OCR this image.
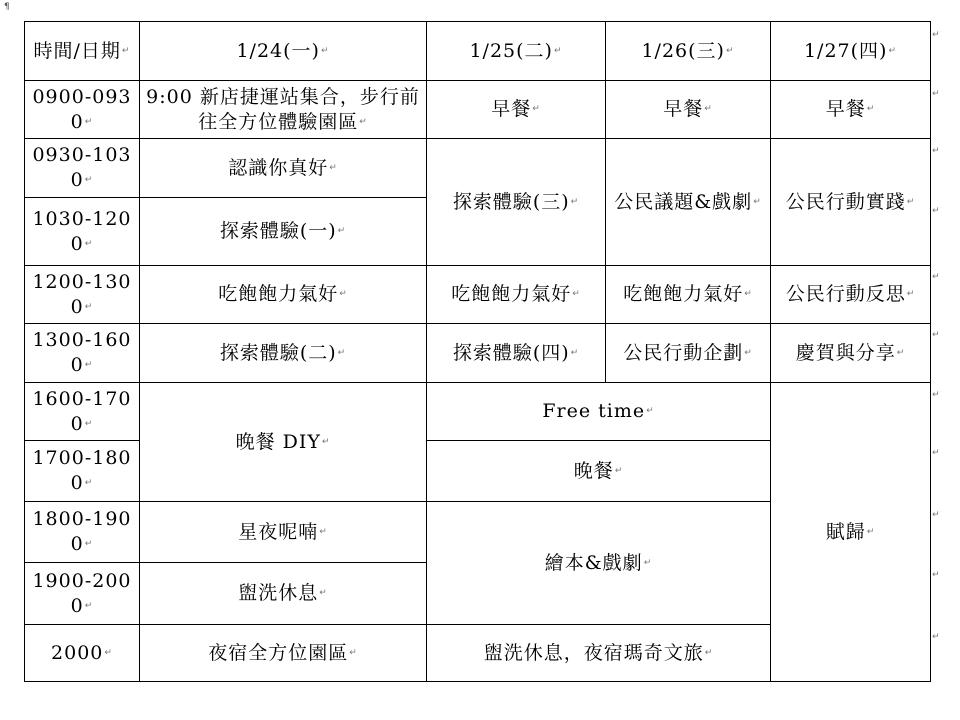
¶
時間/日期 ↵	1/24(一) ↵	1/25(二) ↵	1/26(三) ↵	1/27(四) ↵
0900-0930 ↵	9:00 新店捷運站集合，步行前往全方位體驗園區 ↵	早餐 ↵	早餐 ↵	早餐 ↵
0930-1030 ↵	認識你真好 ↵	探索體驗(三) ↵	公民議題&戲劇 ↵	公民行動實踐 ↵
1030-1200 ↵	探索體驗(一) ↵
1200-1300 ↵	吃飽飽力氣好 ↵	吃飽飽力氣好 ↵	吃飽飽力氣好 ↵	公民行動反思 ↵
1300-1600 ↵	探索體驗(二) ↵	探索體驗(四) ↵	公民行動企劃 ↵	慶賀與分享 ↵
1600-1700 ↵	晚餐 DIY ↵	Free time ↵		賦歸 ↵
1700-1800 ↵		晚餐 ↵
1800-1900 ↵	星夜呢喃 ↵	繪本&戲劇 ↵
1900-2000 ↵	盥洗休息 ↵
2000 ↵	夜宿全方位園區 ↵	盥洗休息，夜宿瑪奇文旅 ↵
↵
↵
↵
↵
↵
↵
↵
↵
↵
↵
↵
